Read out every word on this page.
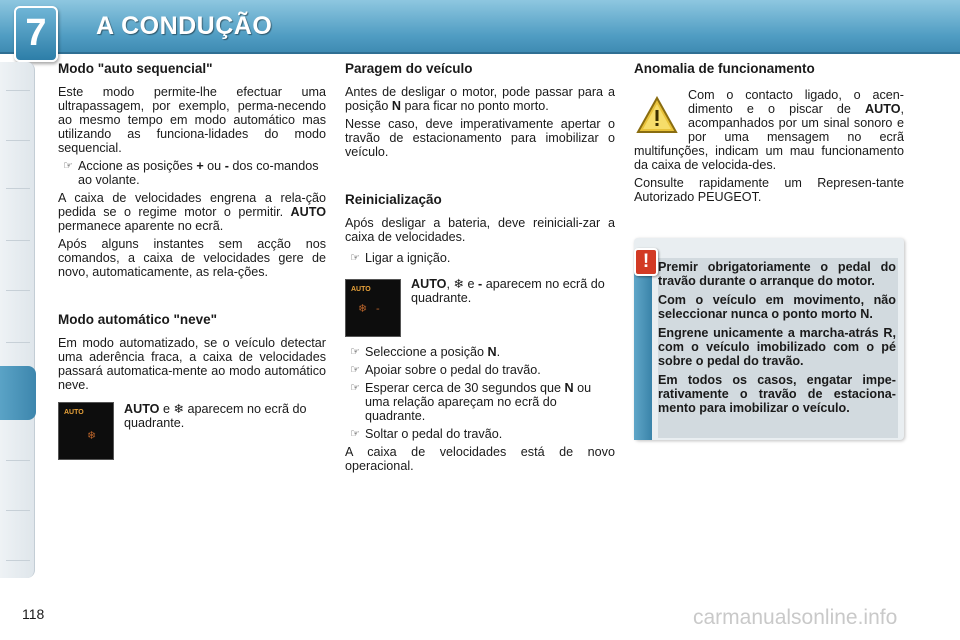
7	A CONDUÇÃO
Modo "auto sequencial"

Este modo permite-lhe efectuar uma ultrapassagem, por exemplo, perma-necendo ao mesmo tempo em modo automático mas utilizando as funciona-lidades do modo sequencial.

☞ Accione as posições + ou - dos co-mandos ao volante.

A caixa de velocidades engrena a rela-ção pedida se o regime motor o permitir. AUTO permanece aparente no ecrã.

Após alguns instantes sem acção nos comandos, a caixa de velocidades gere de novo, automaticamente, as rela-ções.

Modo automático "neve"

Em modo automatizado, se o veículo detectar uma aderência fraca, a caixa de velocidades passará automatica-mente ao modo automático neve.

AUTO
❄
AUTO e ❄ aparecem no ecrã do quadrante.
Paragem do veículo

Antes de desligar o motor, pode passar para a posição N para ficar no ponto morto.

Nesse caso, deve imperativamente apertar o travão de estacionamento para imobilizar o veículo.

Reinicialização

Após desligar a bateria, deve reiniciali-zar a caixa de velocidades.

☞ Ligar a ignição.
AUTO
❄ -
AUTO, ❄ e - aparecem no ecrã do quadrante.
☞ Seleccione a posição N.
☞ Apoiar sobre o pedal do travão.
☞ Esperar cerca de 30 segundos que N ou uma relação apareçam no ecrã do quadrante.
☞ Soltar o pedal do travão.

A caixa de velocidades está de novo operacional.

Anomalia de funcionamento

Com o contacto ligado, o acen-dimento e o piscar de AUTO, acompanhados por um sinal sonoro e por uma mensagem no ecrã multifunções, indicam um mau funcionamento da caixa de velocida-des.

Consulte rapidamente um Represen-tante Autorizado PEUGEOT.

! Premir obrigatoriamente o pedal do travão durante o arranque do motor.

Com o veículo em movimento, não seleccionar nunca o ponto morto N.

Engrene unicamente a marcha-atrás R, com o veículo imobilizado com o pé sobre o pedal do travão.

Em todos os casos, engatar impe-rativamente o travão de estaciona-mento para imobilizar o veículo.

118	carmanualsonline.info
